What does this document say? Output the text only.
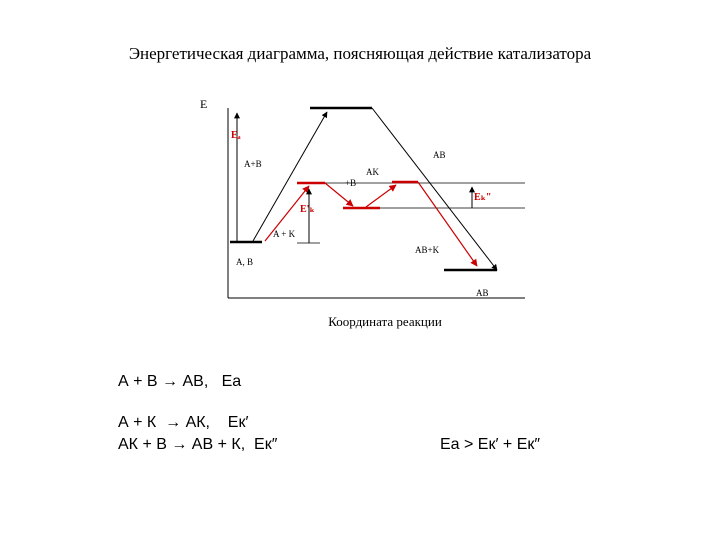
Энергетическая диаграмма, поясняющая действие катализатора
E
Eₐ
E'ₖ
Eₖ"
A+B
AB
AK
+B
A + K
AB+K
A, B
AB
Координата реакции
А + В → АВ,   Еа
А + К  → АК,    Ек′
АК + В → АВ + К,  Ек″	Еа > Ек′ + Ек″
